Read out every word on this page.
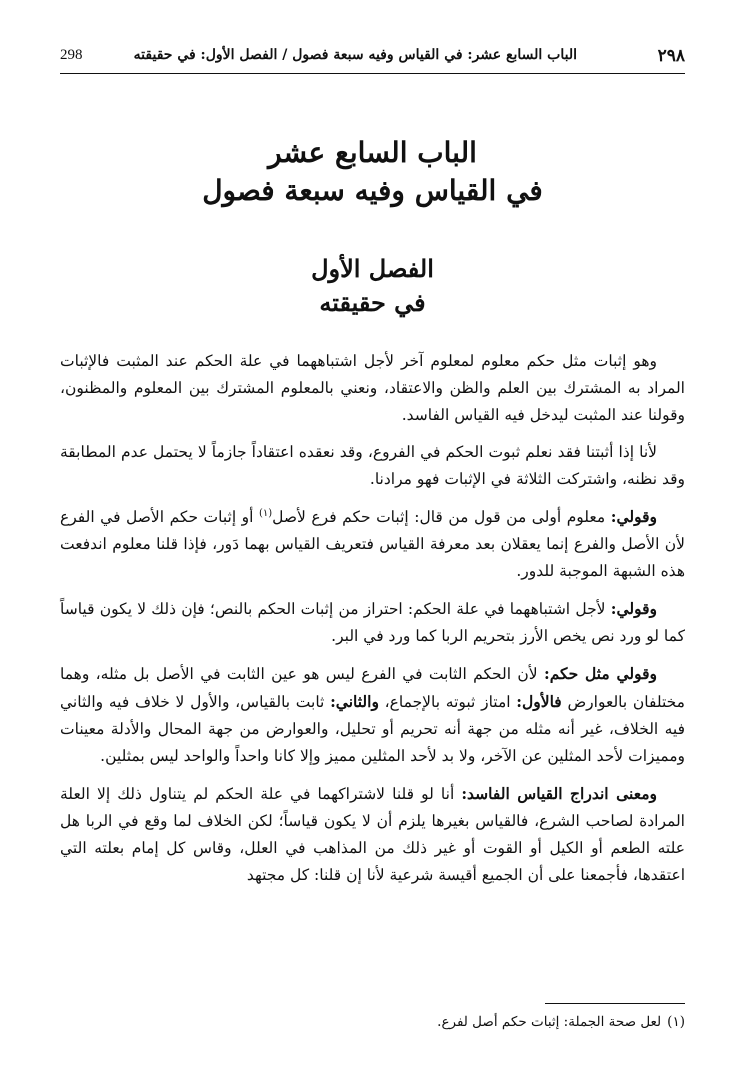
٢٩٨
الباب السابع عشر: في القياس وفيه سبعة فصول / الفصل الأول: في حقيقته
298
الباب السابع عشر
في القياس وفيه سبعة فصول
الفصل الأول
في حقيقته

وهو إثبات مثل حكم معلوم لمعلوم آخر لأجل اشتباههما في علة الحكم عند المثبت فالإثبات المراد به المشترك بين العلم والظن والاعتقاد، ونعني بالمعلوم المشترك بين المعلوم والمظنون، وقولنا عند المثبت ليدخل فيه القياس الفاسد.

لأنا إذا أثبتنا فقد نعلم ثبوت الحكم في الفروع، وقد نعقده اعتقاداً جازماً لا يحتمل عدم المطابقة وقد نظنه، واشتركت الثلاثة في الإثبات فهو مرادنا.

وقولي: معلوم أولى من قول من قال: إثبات حكم فرع لأصل$^{(١)}$ أو إثبات حكم الأصل في الفرع لأن الأصل والفرع إنما يعقلان بعد معرفة القياس فتعريف القياس بهما دَور، فإذا قلنا معلوم اندفعت هذه الشبهة الموجبة للدور.

وقولي: لأجل اشتباههما في علة الحكم: احتراز من إثبات الحكم بالنص؛ فإن ذلك لا يكون قياساً كما لو ورد نص يخص الأرز بتحريم الربا كما ورد في البر.

وقولي مثل حكم: لأن الحكم الثابت في الفرع ليس هو عين الثابت في الأصل بل مثله، وهما مختلفان بالعوارض فالأول: امتاز ثبوته بالإجماع، والثاني: ثابت بالقياس، والأول لا خلاف فيه والثاني فيه الخلاف، غير أنه مثله من جهة أنه تحريم أو تحليل، والعوارض من جهة المحال والأدلة معينات ومميزات لأحد المثلين عن الآخر، ولا بد لأحد المثلين مميز وإلا كانا واحداً والواحد ليس بمثلين.

ومعنى اندراج القياس الفاسد: أنا لو قلنا لاشتراكهما في علة الحكم لم يتناول ذلك إلا العلة المرادة لصاحب الشرع، فالقياس بغيرها يلزم أن لا يكون قياساً؛ لكن الخلاف لما وقع في الربا هل علته الطعم أو الكيل أو القوت أو غير ذلك من المذاهب في العلل، وقاس كل إمام بعلته التي اعتقدها، فأجمعنا على أن الجميع أقيسة شرعية لأنا إن قلنا: كل مجتهد

(١)لعل صحة الجملة: إثبات حكم أصل لفرع.
